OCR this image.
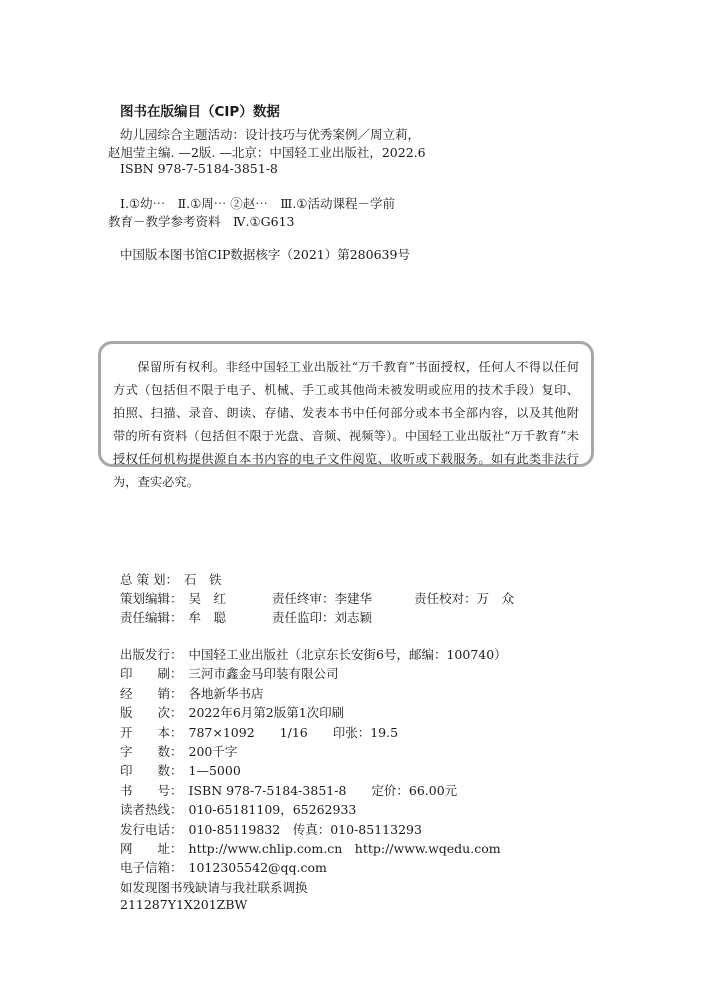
图书在版编目（CIP）数据
幼儿园综合主题活动：设计技巧与优秀案例／周立莉，
赵旭莹主编. —2版. —北京：中国轻工业出版社，2022.6
ISBN 978-7-5184-3851-8
Ⅰ.①幼⋯　Ⅱ.①周⋯ ②赵⋯　Ⅲ.①活动课程－学前
教育－教学参考资料　Ⅳ.①G613
中国版本图书馆CIP数据核字（2021）第280639号
保留所有权利。非经中国轻工业出版社“万千教育”书面授权，任何人不得以任何方式（包括但不限于电子、机械、手工或其他尚未被发明或应用的技术手段）复印、拍照、扫描、录音、朗读、存储、发表本书中任何部分或本书全部内容，以及其他附带的所有资料（包括但不限于光盘、音频、视频等）。中国轻工业出版社“万千教育”未授权任何机构提供源自本书内容的电子文件阅览、收听或下载服务。如有此类非法行为，查实必究。
总 策 划： 石　铁
策划编辑： 吴　红	责任终审：李建华	责任校对：万　众
责任编辑： 牟　聪	责任监印：刘志颖
出版发行： 中国轻工业出版社（北京东长安街6号，邮编：100740）
印　　刷： 三河市鑫金马印装有限公司
经　　销： 各地新华书店
版　　次： 2022年6月第2版第1次印刷
开　　本： 787×1092　　1/16　　印张：19.5
字　　数： 200千字
印　　数： 1—5000
书　　号： ISBN 978-7-5184-3851-8　　定价：66.00元
读者热线： 010-65181109，65262933
发行电话： 010-85119832　传真：010-85113293
网　　址： http://www.chlip.com.cn　http://www.wqedu.com
电子信箱： 1012305542@qq.com
如发现图书残缺请与我社联系调换
211287Y1X201ZBW
